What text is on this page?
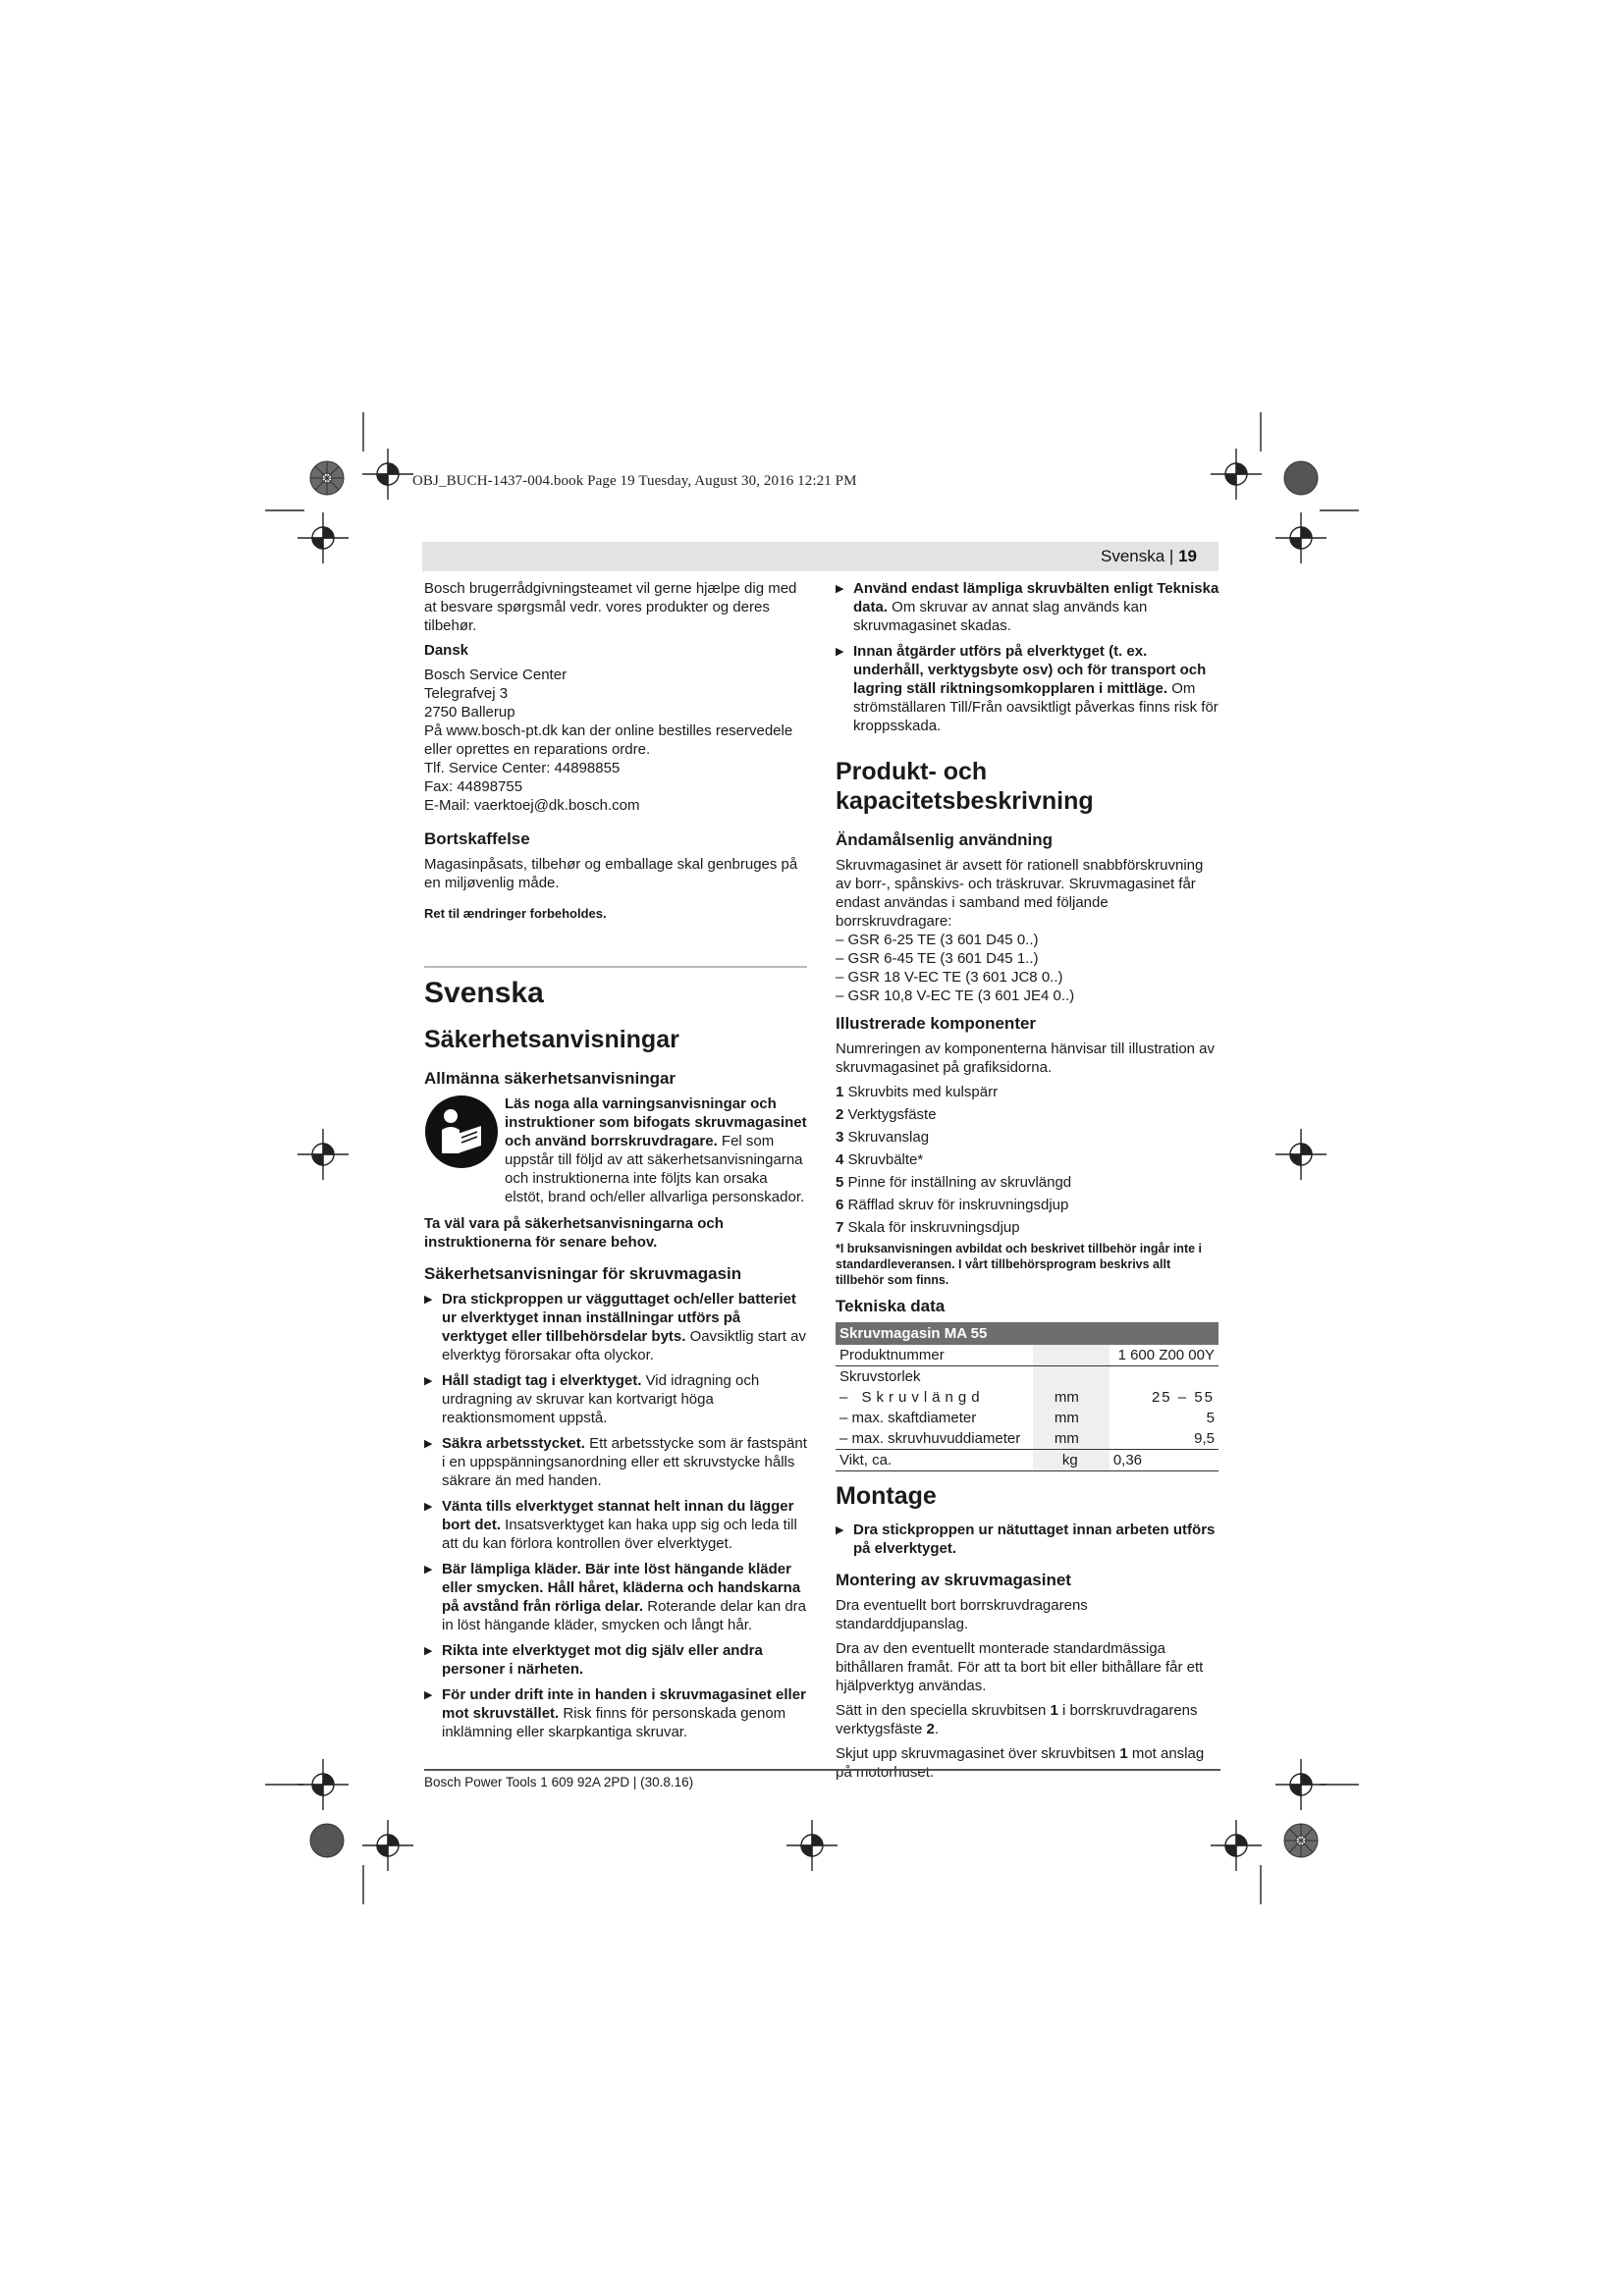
OBJ_BUCH-1437-004.book Page 19 Tuesday, August 30, 2016 12:21 PM
Svenska | 19

Bosch brugerrådgivningsteamet vil gerne hjælpe dig med at besvare spørgsmål vedr. vores produkter og deres tilbehør.

Dansk

Bosch Service Center

Telegrafvej 3

2750 Ballerup

På www.bosch-pt.dk kan der online bestilles reservedele eller oprettes en reparations ordre.

Tlf. Service Center: 44898855

Fax: 44898755

E-Mail: vaerktoej@dk.bosch.com

Bortskaffelse

Magasinpåsats, tilbehør og emballage skal genbruges på en miljøvenlig måde.

Ret til ændringer forbeholdes.

Svenska
Säkerhetsanvisningar
Allmänna säkerhetsanvisningar
Läs noga alla varningsanvisningar och instruktioner som bifogats skruvmagasinet och använd borrskruvdragare. Fel som uppstår till följd av att säkerhetsanvisningarna och instruktionerna inte följts kan orsaka elstöt, brand och/eller allvarliga personskador.

Ta väl vara på säkerhetsanvisningarna och instruktionerna för senare behov.

Säkerhetsanvisningar för skruvmagasin
▶ Dra stickproppen ur vägguttaget och/eller batteriet ur elverktyget innan inställningar utförs på verktyget eller tillbehörsdelar byts. Oavsiktlig start av elverktyg förorsakar ofta olyckor.
▶ Håll stadigt tag i elverktyget. Vid idragning och urdragning av skruvar kan kortvarigt höga reaktionsmoment uppstå.
▶ Säkra arbetsstycket. Ett arbetsstycke som är fastspänt i en uppspänningsanordning eller ett skruvstycke hålls säkrare än med handen.
▶ Vänta tills elverktyget stannat helt innan du lägger bort det. Insatsverktyget kan haka upp sig och leda till att du kan förlora kontrollen över elverktyget.
▶ Bär lämpliga kläder. Bär inte löst hängande kläder eller smycken. Håll håret, kläderna och handskarna på avstånd från rörliga delar. Roterande delar kan dra in löst hängande kläder, smycken och långt hår.
▶ Rikta inte elverktyget mot dig själv eller andra personer i närheten.
▶ För under drift inte in handen i skruvmagasinet eller mot skruvstället. Risk finns för personskada genom inklämning eller skarpkantiga skruvar.
▶ Använd endast lämpliga skruvbälten enligt Tekniska data. Om skruvar av annat slag används kan skruvmagasinet skadas.
▶ Innan åtgärder utförs på elverktyget (t. ex. underhåll, verktygsbyte osv) och för transport och lagring ställ riktningsomkopplaren i mittläge. Om strömställaren Till/Från oavsiktligt påverkas finns risk för kroppsskada.
Produkt- och kapacitetsbeskrivning
Ändamålsenlig användning

Skruvmagasinet är avsett för rationell snabbförskruvning av borr-, spånskivs- och träskruvar. Skruvmagasinet får endast användas i samband med följande borrskruvdragare:

– GSR 6-25 TE (3 601 D45 0..)

– GSR 6-45 TE (3 601 D45 1..)

– GSR 18 V-EC TE (3 601 JC8 0..)

– GSR 10,8 V-EC TE (3 601 JE4 0..)

Illustrerade komponenter

Numreringen av komponenterna hänvisar till illustration av skruvmagasinet på grafiksidorna.

1 Skruvbits med kulspärr

2 Verktygsfäste

3 Skruvanslag

4 Skruvbälte*

5 Pinne för inställning av skruvlängd

6 Räfflad skruv för inskruvningsdjup

7 Skala för inskruvningsdjup

*I bruksanvisningen avbildat och beskrivet tillbehör ingår inte i standardleveransen. I vårt tillbehörsprogram beskrivs allt tillbehör som finns.

Tekniska data
Skruvmagasin MA 55		
Produktnummer		1 600 Z00 00Y
Skruvstorlek		
– Skruvlängd	mm	25 – 55
– max. skaftdiameter	mm	5
– max. skruvhuvuddiameter	mm	9,5
Vikt, ca.	kg	0,36
Montage
▶ Dra stickproppen ur nätuttaget innan arbeten utförs på elverktyget.
Montering av skruvmagasinet

Dra eventuellt bort borrskruvdragarens standarddjupanslag.

Dra av den eventuellt monterade standardmässiga bithållaren framåt. För att ta bort bit eller bithållare får ett hjälpverktyg användas.

Sätt in den speciella skruvbitsen 1 i borrskruvdragarens verktygsfäste 2.

Skjut upp skruvmagasinet över skruvbitsen 1 mot anslag på motorhuset.

Bosch Power Tools 1 609 92A 2PD | (30.8.16)
